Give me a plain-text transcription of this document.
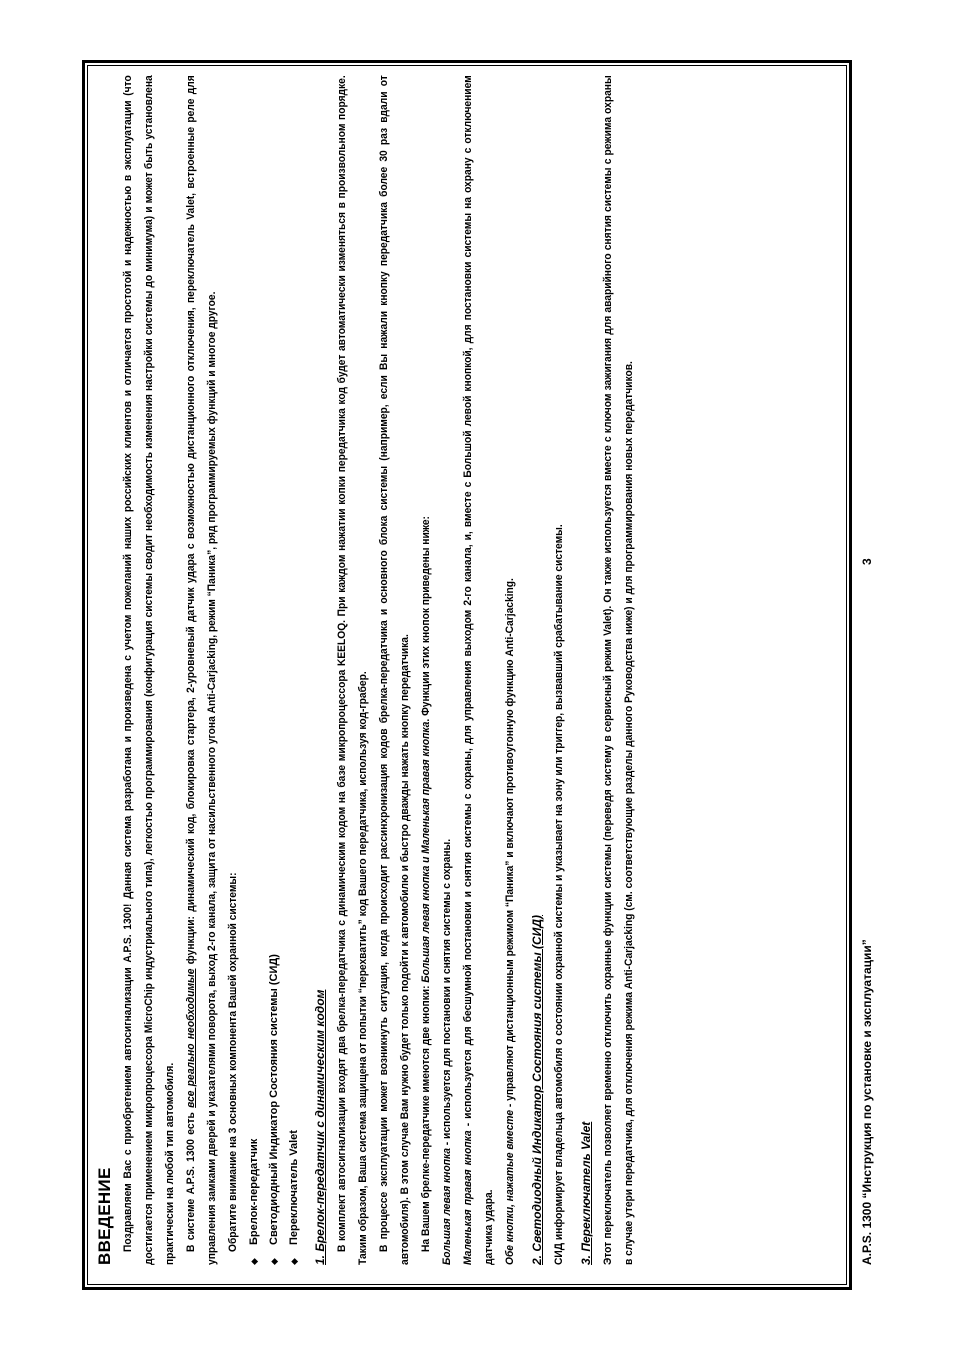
ВВЕДЕНИЕ Поздравляем Вас с приобретением автосигнализации A.P.S. 1300! Данная система разработана и произведена с учетом пожеланий наших российских клиентов и отличается простотой и надежностью в эксплуатации (что достигается применением микропроцессора MicroChip индустриального типа), легкостью программирования (конфигурация системы сводит необходимость изменения настройки системы до минимума) и может быть установлена практически на любой тип автомобиля. В системе A.P.S. 1300 есть все реально необходимые функции: динамический код, блокировка стартера, 2-уровневый датчик удара с возможностью дистанционного отключения, переключатель Valet, встроенные реле для управления замками дверей и указателями поворота, выход 2-го канала, защита от насильственного угона Anti-Carjacking, режим “Паника”, ряд программируемых функций и многое другое. Обратите внимание на 3 основных компонента Вашей охранной системы:

◆Брелок-передатчик
◆Светодиодный Индикатор Состояния системы (СИД)
◆Переключатель Valet	1. Брелок-передатчик с динамическим кодом В комплект автосигнализации входят два брелка-передатчика с динамическим кодом на базе микропроцессора KEELOQ. При каждом нажатии копки передатчика код будет автоматически изменяться в произвольном порядке. Таким образом, Ваша система защищена от попытки “перехватить” код Вашего передатчика, используя код-грабер. В процессе эксплуатации может возникнуть ситуация, когда происходит рассинхронизация кодов брелка-передатчика и основного блока системы (например, если Вы нажали кнопку передатчика более 30 раз вдали от автомобиля). В этом случае Вам нужно будет только подойти к автомобилю и быстро дважды нажать кнопку передатчика. На Вашем брелке-передатчике имеются две кнопки: Большая левая кнопка и Маленькая правая кнопка. Функции этих кнопок приведены ниже:

Большая левая кнопка - используется для постановки и снятия системы с охраны.

Маленькая правая кнопка - используется для бесшумной постановки и снятия системы с охраны, для управления выходом 2-го канала, и, вместе с Большой левой кнопкой, для постановки системы на охрану с отключением датчика удара. Обе кнопки, нажатые вместе - управляют дистанционным режимом “Паника” и включают противоугонную функцию Anti-Carjacking.	2. Светодиодный Индикатор Состояния системы (СИД) СИД информирует владельца автомобиля о состоянии охранной системы и указывает на зону или триггер, вызвавший срабатывание системы.	3. Переключатель Valet Этот переключатель позволяет временно отключить охранные функции системы (переведя систему в сервисный режим Valet). Он также используется вместе с ключом зажигания для аварийного снятия системы с режима охраны в случае утери передатчика, для отключения режима Anti-Carjacking (см. соответствующие разделы данного Руководства ниже) и для программирования новых передатчиков.	A.P.S. 1300 “Инструкция по установке и эксплуатации”
3
